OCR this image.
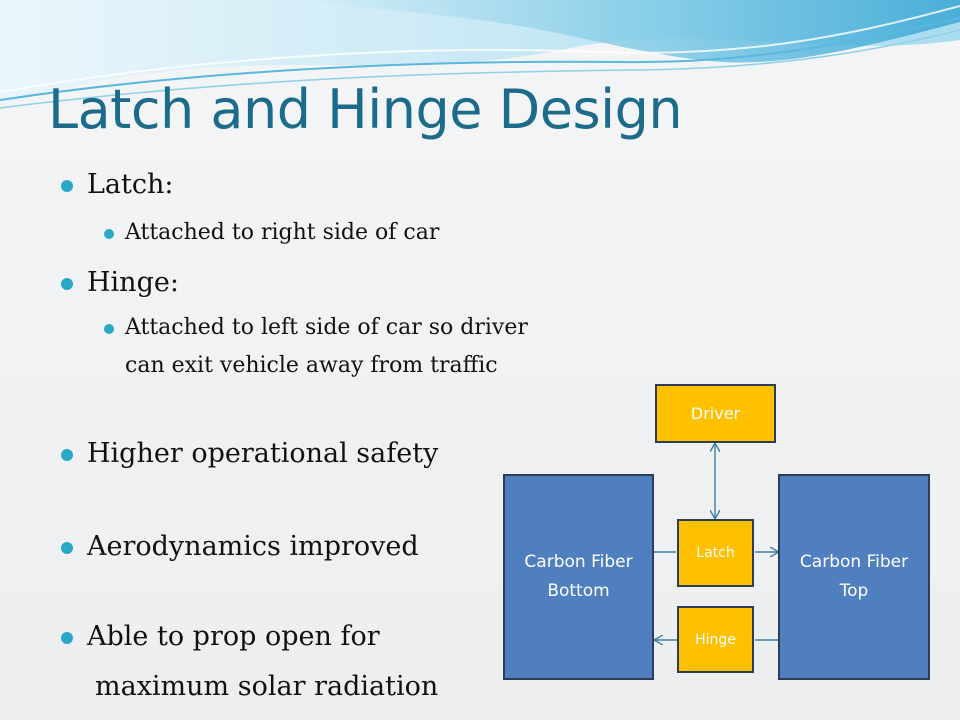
Latch and Hinge Design
Latch:
Attached to right side of car
Hinge:
Attached to left side of car so driver
can exit vehicle away from traffic
Higher operational safety
Aerodynamics improved
Able to prop open for
maximum solar radiation
Driver
Carbon Fiber
Bottom
Latch
Hinge
Carbon Fiber
Top
